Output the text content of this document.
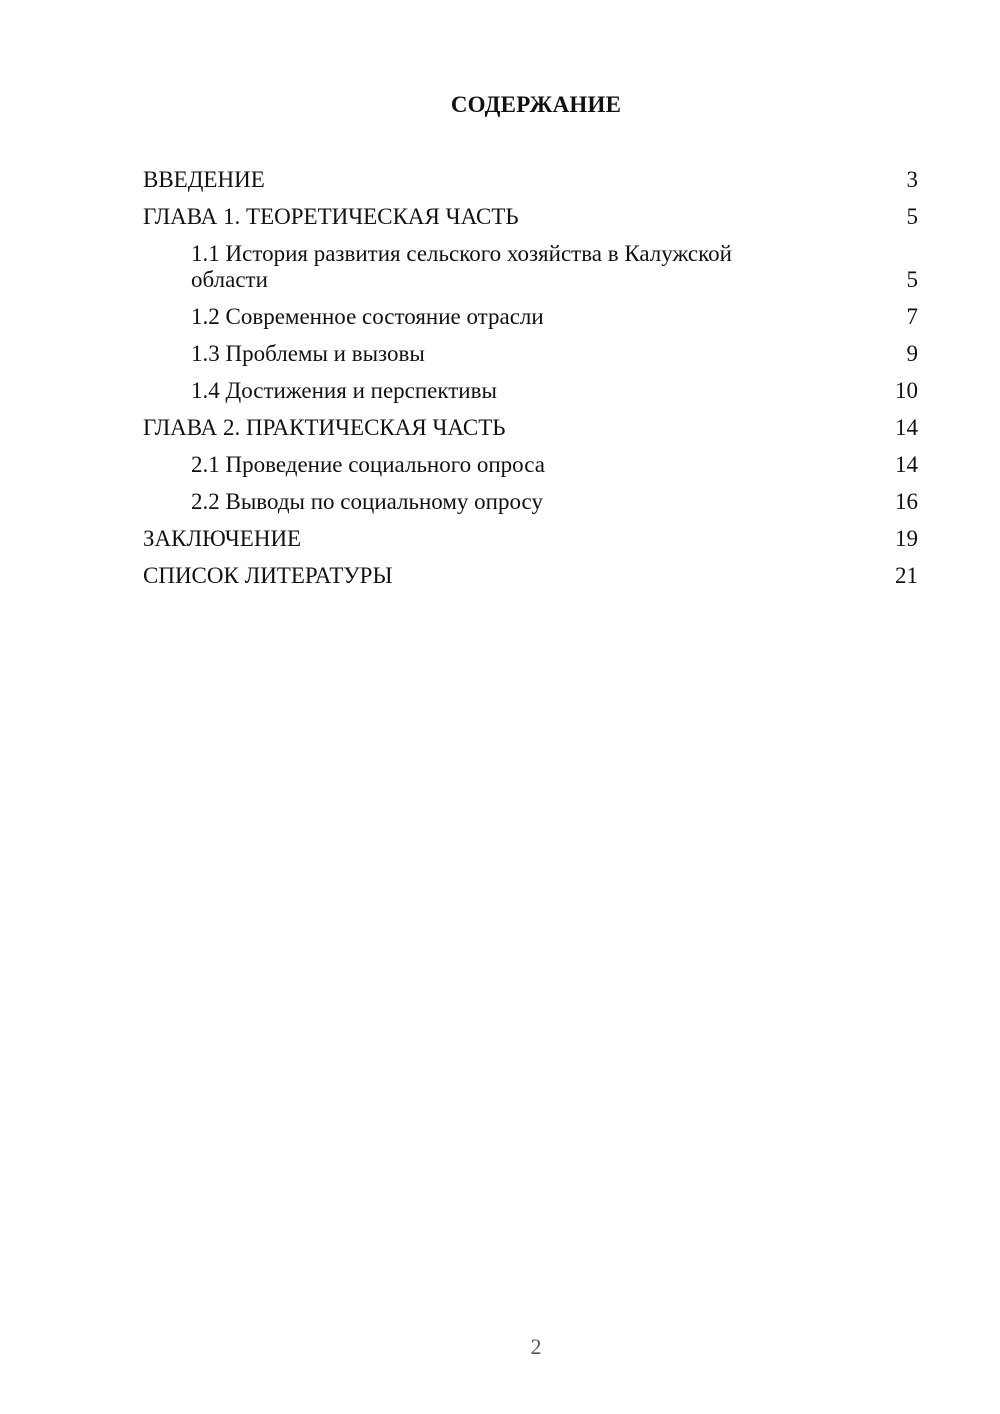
СОДЕРЖАНИЕ
ВВЕДЕНИЕ	3
ГЛАВА 1. ТЕОРЕТИЧЕСКАЯ ЧАСТЬ	5
1.1 История развития сельского хозяйства в Калужской области	5
1.2 Современное состояние отрасли	7
1.3 Проблемы и вызовы	9
1.4 Достижения и перспективы	10
ГЛАВА 2. ПРАКТИЧЕСКАЯ ЧАСТЬ	14
2.1 Проведение социального опроса	14
2.2 Выводы по социальному опросу	16
ЗАКЛЮЧЕНИЕ	19
СПИСОК ЛИТЕРАТУРЫ	21
2
